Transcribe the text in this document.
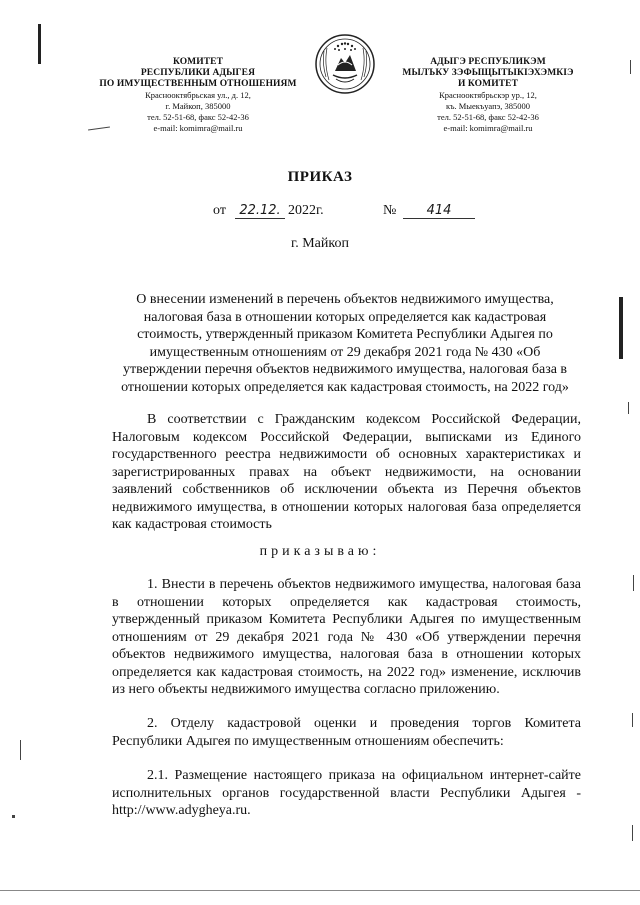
КОМИТЕТ
РЕСПУБЛИКИ АДЫГЕЯ
ПО ИМУЩЕСТВЕННЫМ ОТНОШЕНИЯМ
Краснооктябрьская ул., д. 12,
г. Майкоп, 385000
тел. 52-51-68, факс 52-42-36
e-mail: komimra@mail.ru
АДЫГЭ РЕСПУБЛИКЭМ
МЫЛЪКУ ЗЭФЫЩЫТЫКІЭХЭМКІЭ
И КОМИТЕТ
Краснооктябрьскэр ур., 12,
къ. Мыекъуапэ, 385000
тел. 52-51-68, факс 52-42-36
e-mail: komimra@mail.ru
ПРИКАЗ
от	22.12. 2022г.	№	414
г. Майкоп
О внесении изменений в перечень объектов недвижимого имущества, налоговая база в отношении которых определяется как кадастровая стоимость, утвержденный приказом Комитета Республики Адыгея по имущественным отношениям от 29 декабря 2021 года № 430 «Об утверждении перечня объектов недвижимого имущества, налоговая база в отношении которых определяется как кадастровая стоимость, на 2022 год»
В соответствии с Гражданским кодексом Российской Федерации, Налоговым кодексом Российской Федерации, выписками из Единого государственного реестра недвижимости об основных характеристиках и зарегистрированных правах на объект недвижимости, на основании заявлений собственников об исключении объекта из Перечня объектов недвижимого имущества, в отношении которых налоговая база определяется как кадастровая стоимость
приказываю:
1. Внести в перечень объектов недвижимого имущества, налоговая база в отношении которых определяется как кадастровая стоимость, утвержденный приказом Комитета Республики Адыгея по имущественным отношениям от 29 декабря 2021 года № 430 «Об утверждении перечня объектов недвижимого имущества, налоговая база в отношении которых определяется как кадастровая стоимость, на 2022 год» изменение, исключив из него объекты недвижимого имущества согласно приложению.
2. Отделу кадастровой оценки и проведения торгов Комитета Республики Адыгея по имущественным отношениям обеспечить:
2.1. Размещение настоящего приказа на официальном интернет-сайте исполнительных органов государственной власти Республики Адыгея - http://www.adygheya.ru.
